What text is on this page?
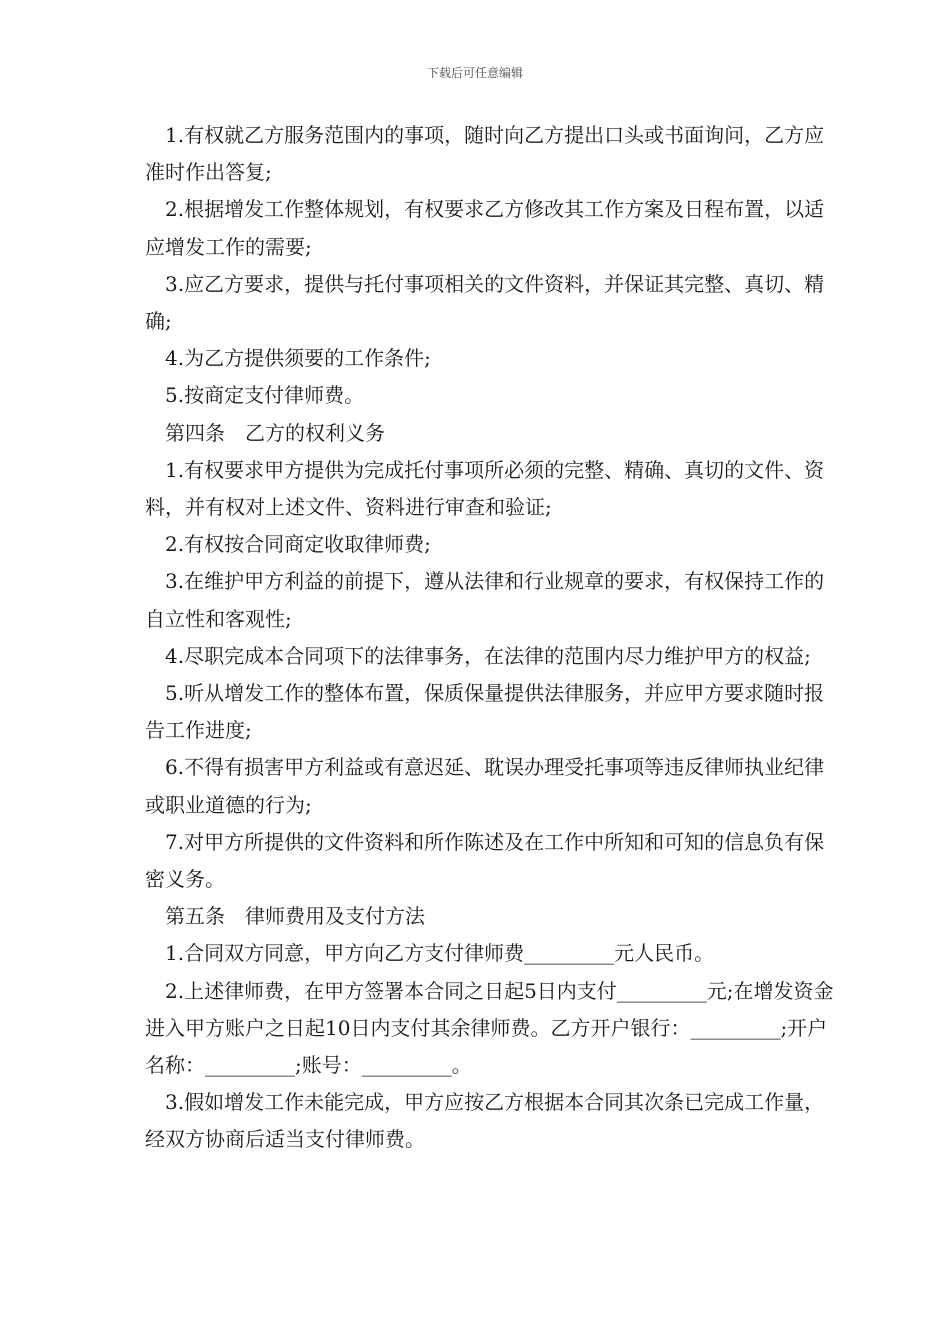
下载后可任意编辑

1.有权就乙方服务范围内的事项，随时向乙方提出口头或书面询问，乙方应准时作出答复;

2.根据增发工作整体规划，有权要求乙方修改其工作方案及日程布置，以适应增发工作的需要;

3.应乙方要求，提供与托付事项相关的文件资料，并保证其完整、真切、精确;

4.为乙方提供须要的工作条件;

5.按商定支付律师费。

第四条　乙方的权利义务

1.有权要求甲方提供为完成托付事项所必须的完整、精确、真切的文件、资料，并有权对上述文件、资料进行审查和验证;

2.有权按合同商定收取律师费;

3.在维护甲方利益的前提下，遵从法律和行业规章的要求，有权保持工作的自立性和客观性;

4.尽职完成本合同项下的法律事务，在法律的范围内尽力维护甲方的权益;

5.听从增发工作的整体布置，保质保量提供法律服务，并应甲方要求随时报告工作进度;

6.不得有损害甲方利益或有意迟延、耽误办理受托事项等违反律师执业纪律或职业道德的行为;

7.对甲方所提供的文件资料和所作陈述及在工作中所知和可知的信息负有保密义务。

第五条　律师费用及支付方法

1.合同双方同意，甲方向乙方支付律师费_________元人民币。

2.上述律师费，在甲方签署本合同之日起5日内支付_________元;在增发资金进入甲方账户之日起10日内支付其余律师费。乙方开户银行：_________;开户名称：_________;账号：_________。

3.假如增发工作未能完成，甲方应按乙方根据本合同其次条已完成工作量，经双方协商后适当支付律师费。
